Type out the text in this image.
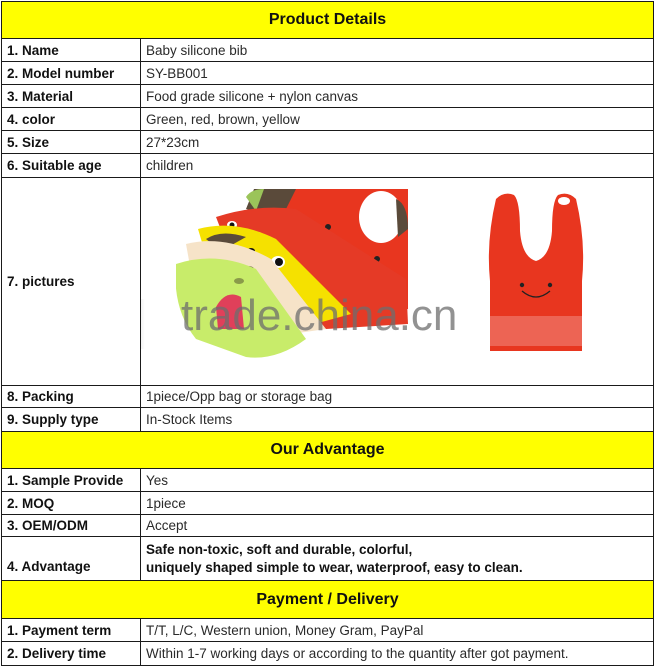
Product Details	
1. Name	Baby silicone bib
2. Model number	SY-BB001
3. Material	Food grade silicone + nylon canvas
4. color	Green, red, brown, yellow
5. Size	27*23cm
6. Suitable age	children
7. pictures	trade.china.cn

8. Packing	1piece/Opp bag or storage bag
9. Supply type	In-Stock Items
Our Advantage	
1. Sample Provide	Yes
2. MOQ	1piece
3. OEM/ODM	Accept
4. Advantage	Safe non-toxic, soft and durable, colorful,
uniquely shaped simple to wear, waterproof, easy to clean.

Payment / Delivery	
1. Payment term	T/T, L/C, Western union, Money Gram, PayPal
2. Delivery time	Within 1-7 working days or according to the quantity after got payment.
